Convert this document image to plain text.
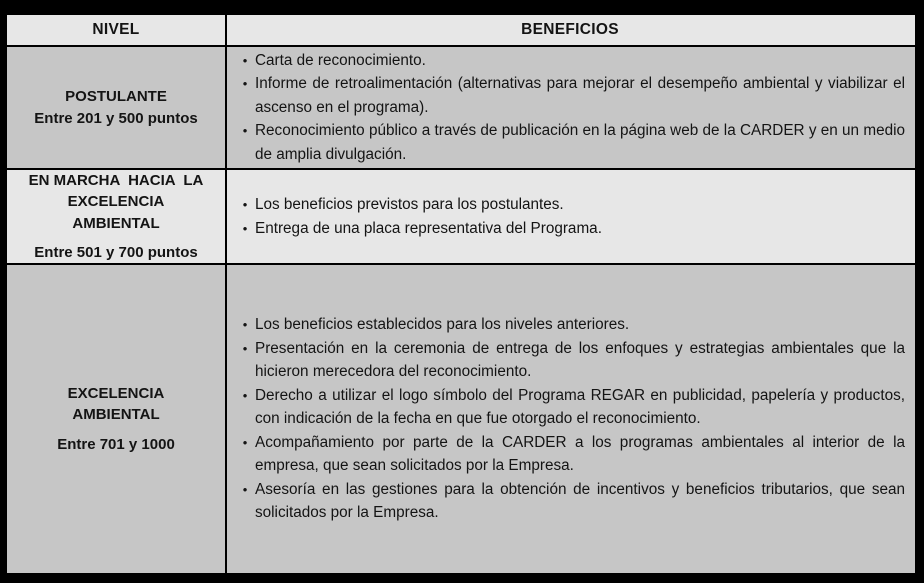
NIVEL	BENEFICIOS
POSTULANTE
Entre 201 y 500 puntos
• Carta de reconocimiento.
• Informe de retroalimentación (alternativas para mejorar el desempeño ambiental y viabilizar el ascenso en el programa).
• Reconocimiento público a través de publicación en la página web de la CARDER y en un medio de amplia divulgación.
EN MARCHA  HACIA  LA
EXCELENCIA
AMBIENTAL
Entre 501 y 700 puntos
• Los beneficios previstos para los postulantes.
• Entrega de una placa representativa del Programa.
EXCELENCIA
AMBIENTAL
Entre 701 y 1000
• Los beneficios establecidos para los niveles anteriores.
• Presentación en la ceremonia de entrega de los enfoques y estrategias ambientales que la hicieron merecedora del reconocimiento.
• Derecho a utilizar el logo símbolo del Programa REGAR en publicidad, papelería y productos, con indicación de la fecha en que fue otorgado el reconocimiento.
• Acompañamiento por parte de la CARDER a los programas ambientales al interior de la empresa, que sean solicitados por la Empresa.
• Asesoría en las gestiones para la obtención de incentivos y beneficios tributarios, que sean solicitados por la Empresa.
